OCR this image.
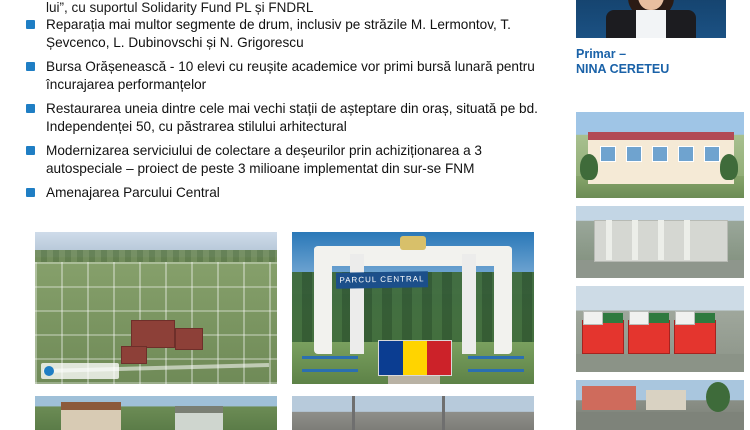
lui”, cu suportul Solidarity Fund PL și FNDRL
Reparația mai multor segmente de drum, inclusiv pe străzile M. Lermontov, T. Șevcenco, L. Dubinovschi și N. Grigorescu
Bursa Orășenească - 10 elevi cu reușite academice vor primi bursă lunară pentru încurajarea performanțelor
Restaurarea uneia dintre cele mai vechi stații de așteptare din oraș, situată pe bd. Independenței 50, cu păstrarea stilului arhitectural
Modernizarea serviciului de colectare a deșeurilor prin achiziționarea a 3 autospeciale – proiect de peste 3 milioane implementat din sur-se FNM
Amenajarea Parcului Central
PARCUL CENTRAL
Primar –
NINA CERETEU
